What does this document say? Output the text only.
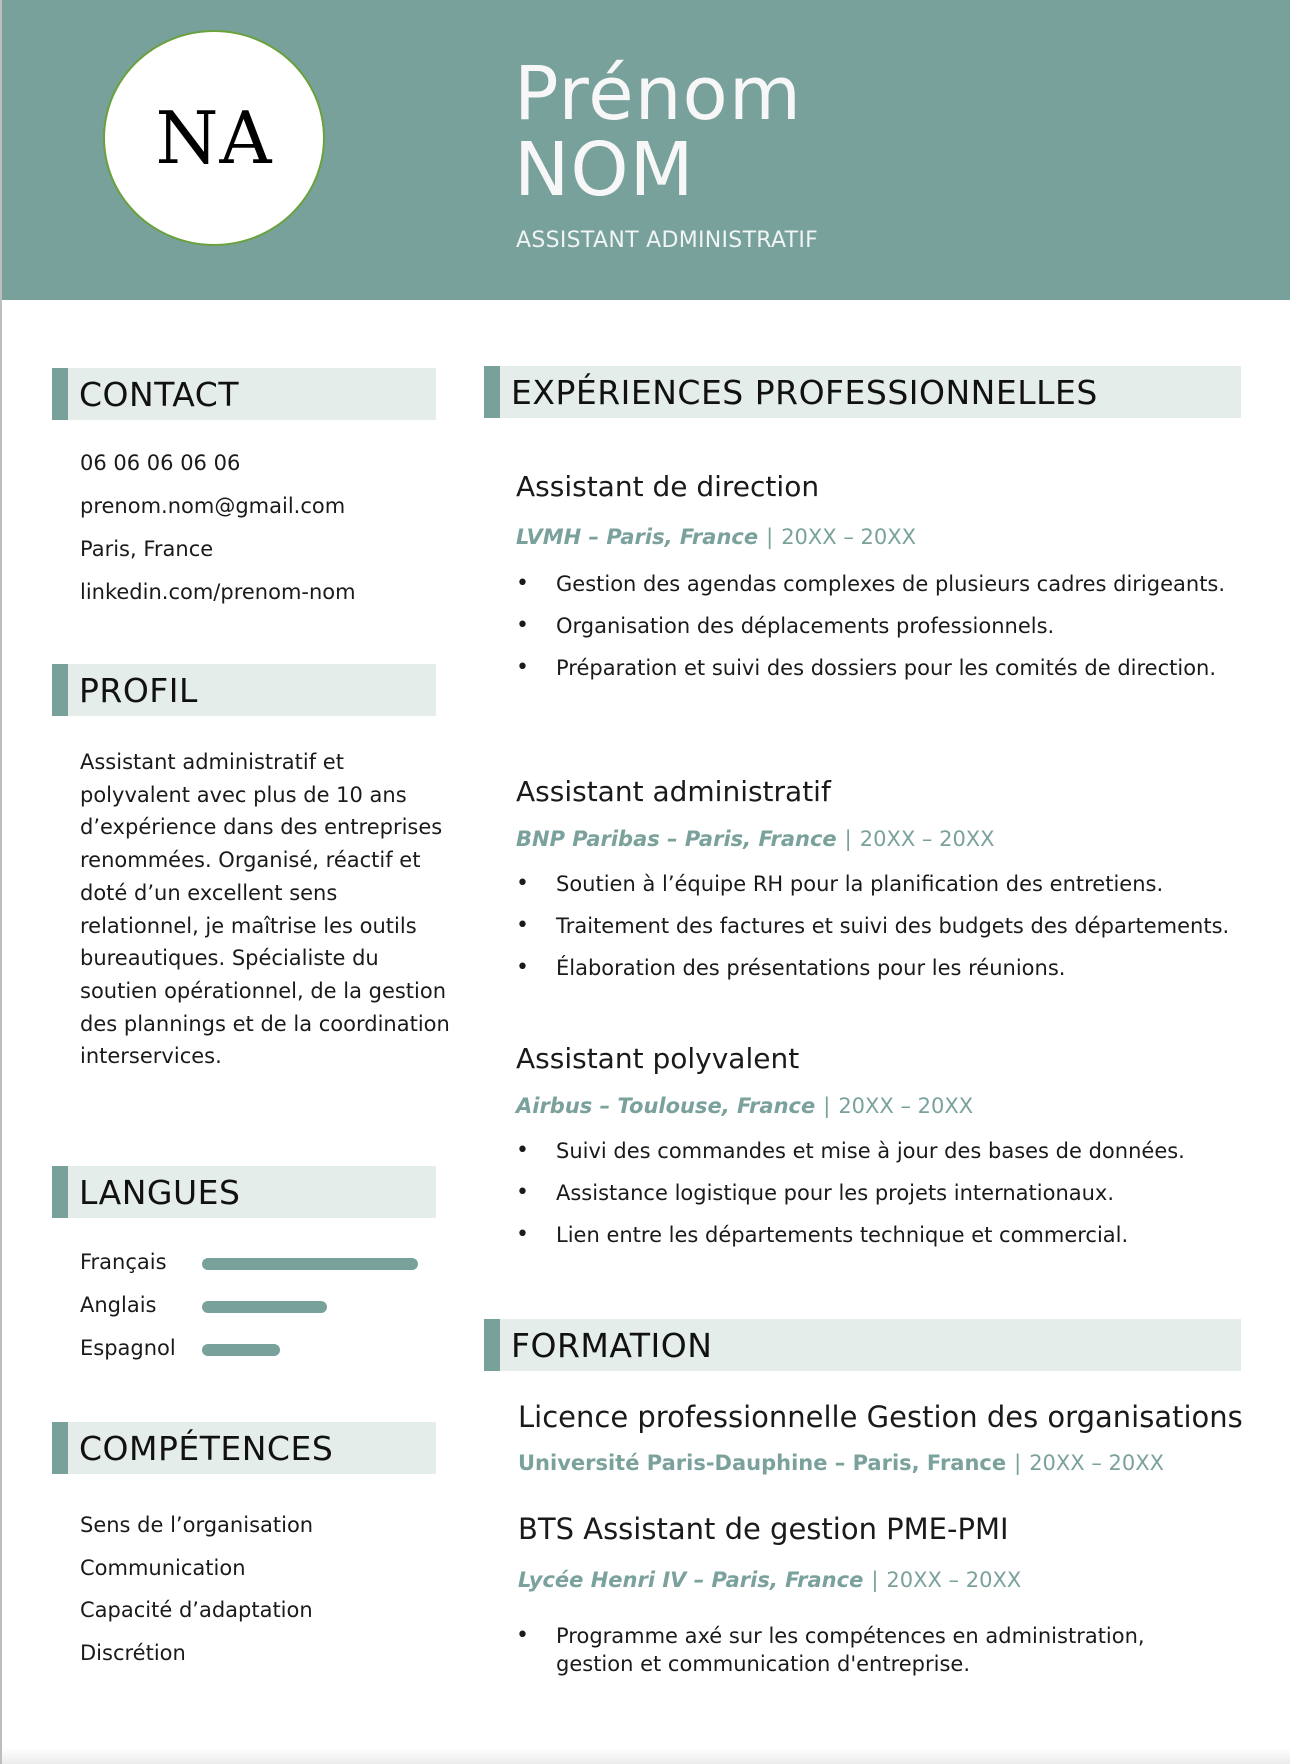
NA
Prénom
NOM
ASSISTANT ADMINISTRATIF
CONTACT
06 06 06 06 06
prenom.nom@gmail.com
Paris, France
linkedin.com/prenom-nom
PROFIL
Assistant administratif et polyvalent avec plus de 10 ans d’expérience dans des entreprises renommées. Organisé, réactif et doté d’un excellent sens relationnel, je maîtrise les outils bureautiques. Spécialiste du soutien opérationnel, de la gestion des plannings et de la coordination interservices.
LANGUES
Français
Anglais
Espagnol
COMPÉTENCES
Sens de l’organisation
Communication
Capacité d’adaptation
Discrétion
EXPÉRIENCES PROFESSIONNELLES
Assistant de direction
LVMH – Paris, France | 20XX – 20XX
• Gestion des agendas complexes de plusieurs cadres dirigeants.
• Organisation des déplacements professionnels.
• Préparation et suivi des dossiers pour les comités de direction.
Assistant administratif
BNP Paribas – Paris, France | 20XX – 20XX
• Soutien à l’équipe RH pour la planification des entretiens.
• Traitement des factures et suivi des budgets des départements.
• Élaboration des présentations pour les réunions.
Assistant polyvalent
Airbus – Toulouse, France | 20XX – 20XX
• Suivi des commandes et mise à jour des bases de données.
• Assistance logistique pour les projets internationaux.
• Lien entre les départements technique et commercial.
FORMATION
Licence professionnelle Gestion des organisations
Université Paris-Dauphine – Paris, France | 20XX – 20XX
BTS Assistant de gestion PME-PMI
Lycée Henri IV – Paris, France | 20XX – 20XX
• Programme axé sur les compétences en administration, gestion et communication d'entreprise.
